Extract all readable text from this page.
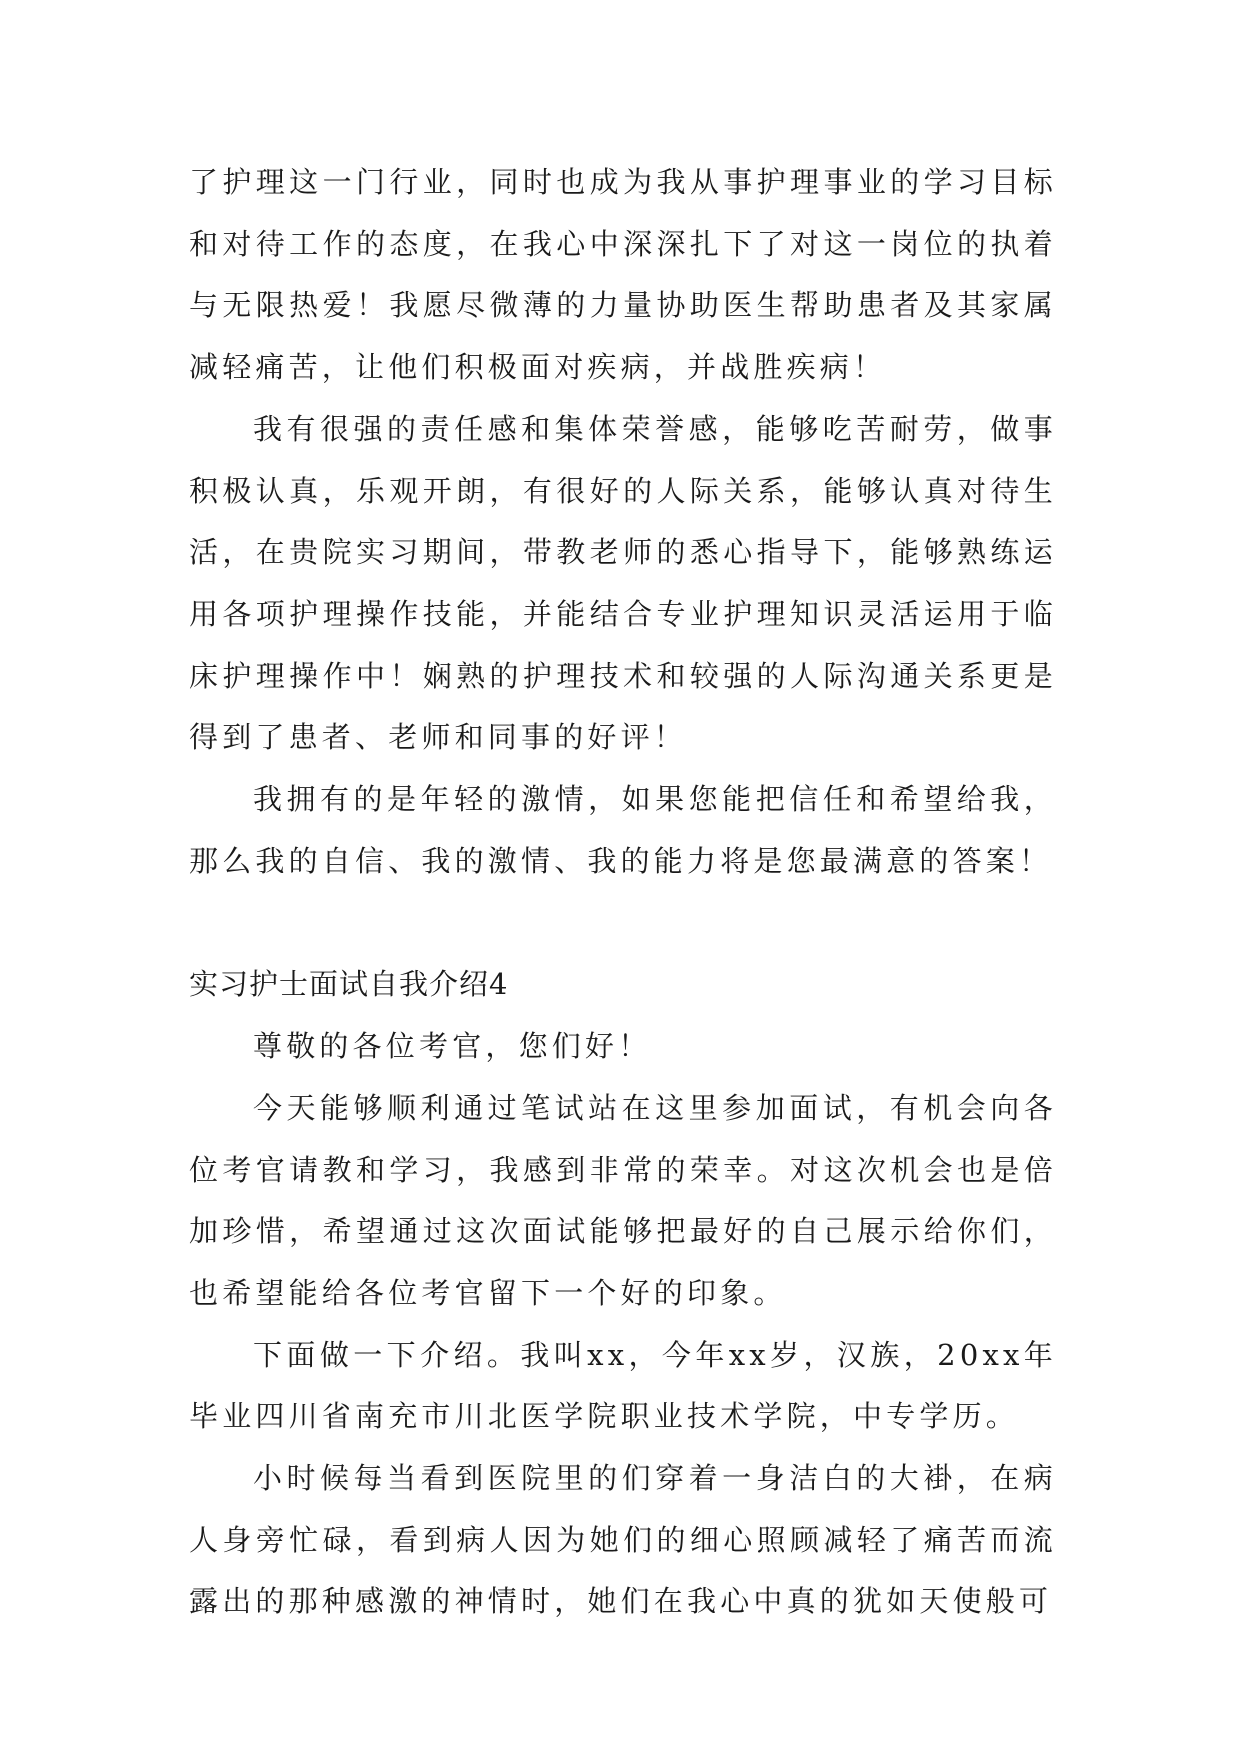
了护理这一门行业，同时也成为我从事护理事业的学习目标和对待工作的态度，在我心中深深扎下了对这一岗位的执着与无限热爱！我愿尽微薄的力量协助医生帮助患者及其家属减轻痛苦，让他们积极面对疾病，并战胜疾病！

我有很强的责任感和集体荣誉感，能够吃苦耐劳，做事积极认真，乐观开朗，有很好的人际关系，能够认真对待生活，在贵院实习期间，带教老师的悉心指导下，能够熟练运用各项护理操作技能，并能结合专业护理知识灵活运用于临床护理操作中！娴熟的护理技术和较强的人际沟通关系更是得到了患者、老师和同事的好评！

我拥有的是年轻的激情，如果您能把信任和希望给我，那么我的自信、我的激情、我的能力将是您最满意的答案！

实习护士面试自我介绍4

尊敬的各位考官，您们好！

今天能够顺利通过笔试站在这里参加面试，有机会向各位考官请教和学习，我感到非常的荣幸。对这次机会也是倍加珍惜，希望通过这次面试能够把最好的自己展示给你们，也希望能给各位考官留下一个好的印象。

下面做一下介绍。我叫xx，今年xx岁，汉族，20xx年毕业四川省南充市川北医学院职业技术学院，中专学历。

小时候每当看到医院里的们穿着一身洁白的大褂，在病人身旁忙碌，看到病人因为她们的细心照顾减轻了痛苦而流露出的那种感激的神情时，她们在我心中真的犹如天使般可
